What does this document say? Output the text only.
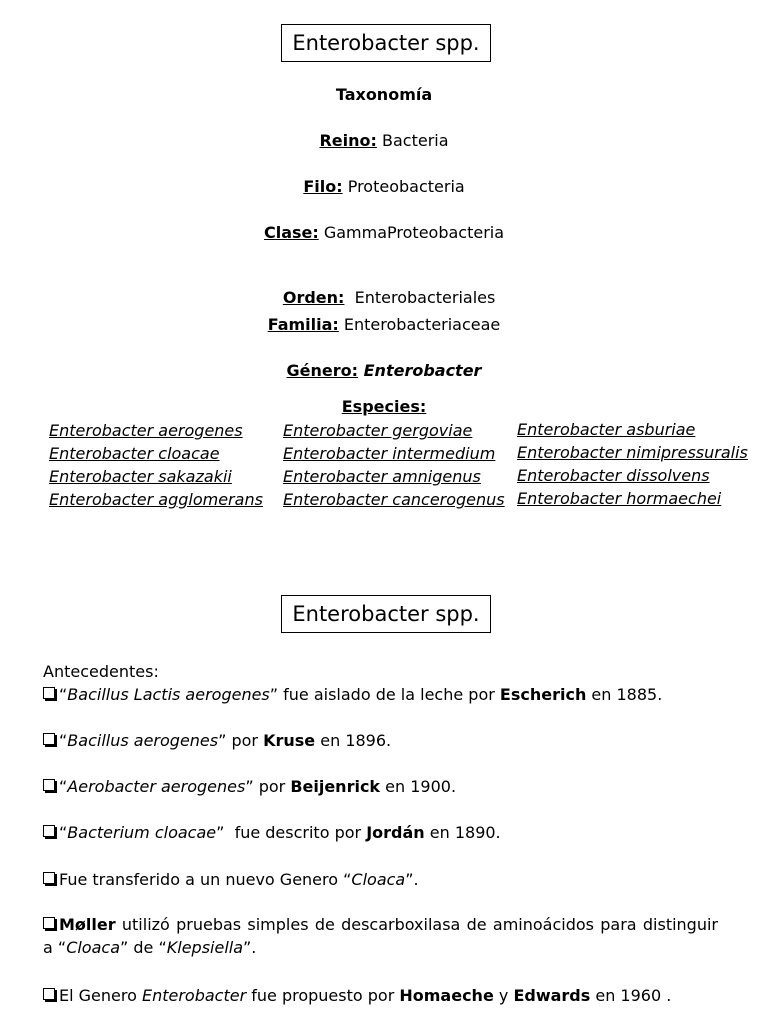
Enterobacter spp.
Taxonomía
Reino: Bacteria
Filo: Proteobacteria
Clase: GammaProteobacteria

Orden:  Enterobacteriales

Familia: Enterobacteriaceae
Género: Enterobacter
Especies:
Enterobacter aerogenes
Enterobacter cloacae
Enterobacter sakazakii
Enterobacter agglomerans
Enterobacter gergoviae
Enterobacter intermedium
Enterobacter amnigenus
Enterobacter cancerogenus
Enterobacter asburiae
Enterobacter nimipressuralis
Enterobacter dissolvens
Enterobacter hormaechei
Enterobacter spp.
Antecedentes:
“Bacillus Lactis aerogenes” fue aislado de la leche por Escherich en 1885.
“Bacillus aerogenes” por Kruse en 1896.
“Aerobacter aerogenes” por Beijenrick en 1900.
“Bacterium cloacae”  fue descrito por Jordán en 1890.
Fue transferido a un nuevo Genero “Cloaca”.
Møller utilizó pruebas simples de descarboxilasa de aminoácidos para distinguir a “Cloaca” de “Klepsiella”.
El Genero Enterobacter fue propuesto por Homaeche y Edwards en 1960 .
